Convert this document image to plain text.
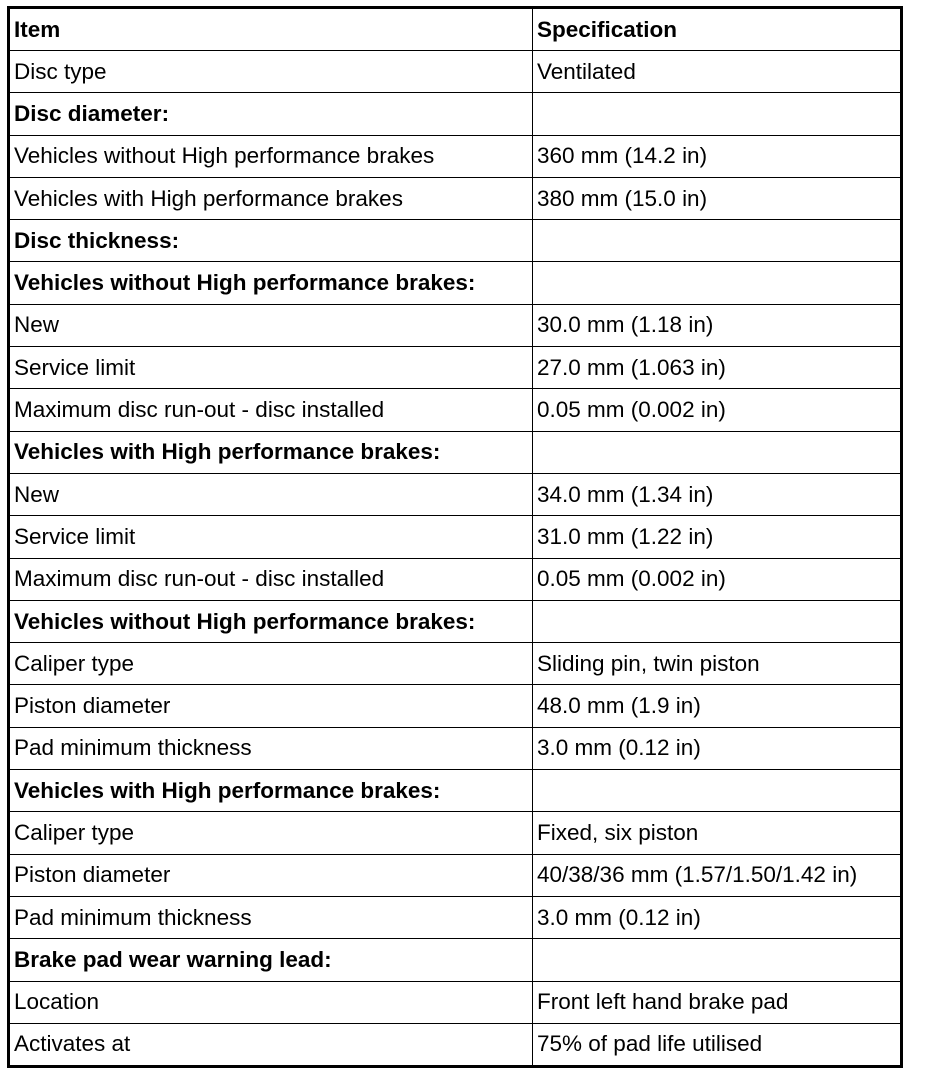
Item	Specification
Disc type	Ventilated
Disc diameter:	
Vehicles without High performance brakes	360 mm (14.2 in)
Vehicles with High performance brakes	380 mm (15.0 in)
Disc thickness:	
Vehicles without High performance brakes:	
New	30.0 mm (1.18 in)
Service limit	27.0 mm (1.063 in)
Maximum disc run-out - disc installed	0.05 mm (0.002 in)
Vehicles with High performance brakes:	
New	34.0 mm (1.34 in)
Service limit	31.0 mm (1.22 in)
Maximum disc run-out - disc installed	0.05 mm (0.002 in)
Vehicles without High performance brakes:	
Caliper type	Sliding pin, twin piston
Piston diameter	48.0 mm (1.9 in)
Pad minimum thickness	3.0 mm (0.12 in)
Vehicles with High performance brakes:	
Caliper type	Fixed, six piston
Piston diameter	40/38/36 mm (1.57/1.50/1.42 in)
Pad minimum thickness	3.0 mm (0.12 in)
Brake pad wear warning lead:	
Location	Front left hand brake pad
Activates at	75% of pad life utilised
